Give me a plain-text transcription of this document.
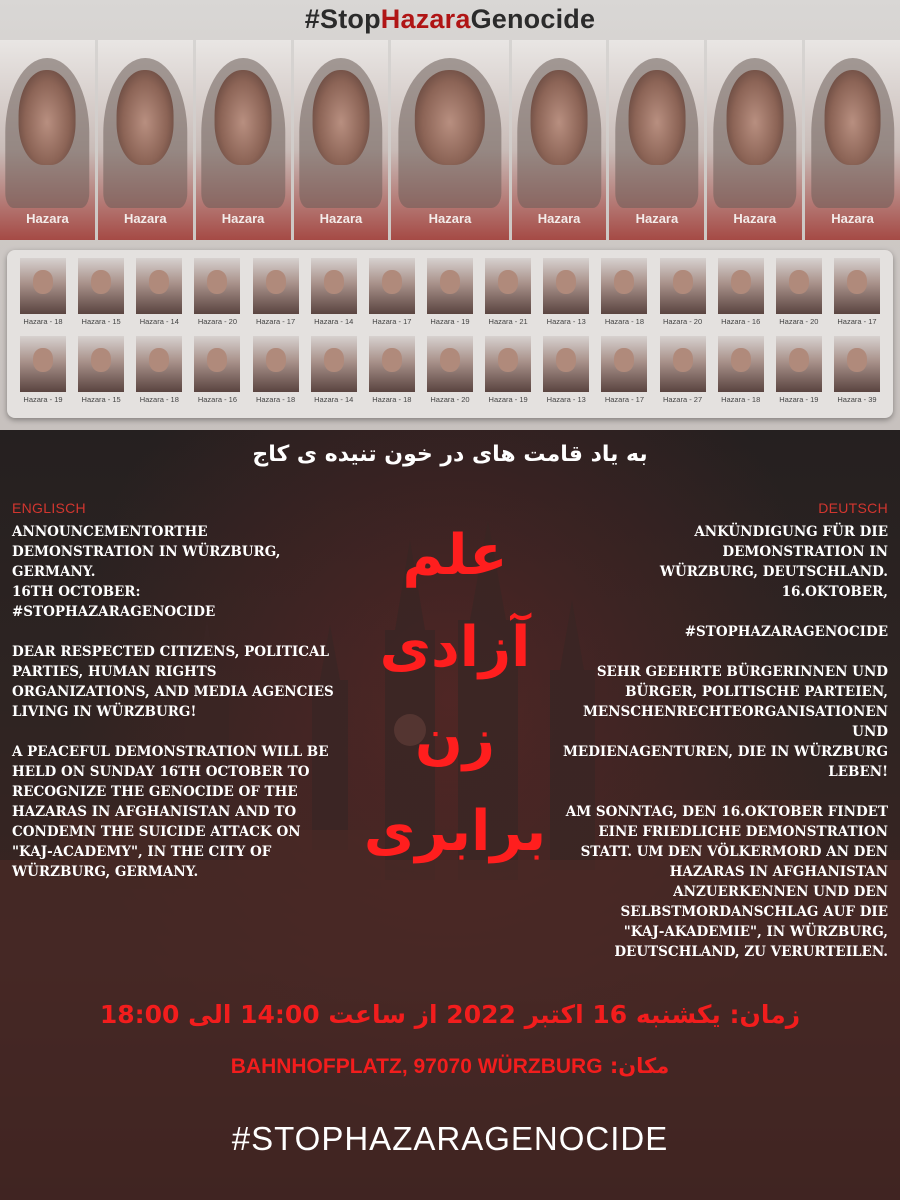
#StopHazaraGenocide
Hazara	Hazara	Hazara	Hazara	Hazara	Hazara	Hazara	Hazara	Hazara
Hazara - 18	Hazara - 15	Hazara - 14	Hazara - 20	Hazara - 17	Hazara - 14	Hazara - 17	Hazara - 19	Hazara - 21	Hazara - 13	Hazara - 18	Hazara - 20	Hazara - 16	Hazara - 20	Hazara - 17
Hazara - 19	Hazara - 15	Hazara - 18	Hazara - 16	Hazara - 18	Hazara - 14	Hazara - 18	Hazara - 20	Hazara - 19	Hazara - 13	Hazara - 17	Hazara - 27	Hazara - 18	Hazara - 19	Hazara - 39
به یاد قامت های در خون تنیده ی کاج
ENGLISCH	DEUTSCH
ANNOUNCEMENTORTHE
DEMONSTRATION IN WÜRZBURG,
GERMANY.
16TH OCTOBER:
#STOPHAZARAGENOCIDE
DEAR RESPECTED CITIZENS, POLITICAL
PARTIES, HUMAN RIGHTS
ORGANIZATIONS, AND MEDIA AGENCIES
LIVING IN WÜRZBURG!
A PEACEFUL DEMONSTRATION WILL BE
HELD ON SUNDAY 16TH OCTOBER TO
RECOGNIZE THE GENOCIDE OF THE
HAZARAS IN AFGHANISTAN AND TO
CONDEMN THE SUICIDE ATTACK ON
"KAJ-ACADEMY", IN THE CITY OF
WÜRZBURG, GERMANY.
ANKÜNDIGUNG FÜR DIE
DEMONSTRATION IN
WÜRZBURG, DEUTSCHLAND.
16.OKTOBER,

#STOPHAZARAGENOCIDE
SEHR GEEHRTE BÜRGERINNEN UND
BÜRGER, POLITISCHE PARTEIEN,
MENSCHENRECHTEORGANISATIONEN UND
MEDIENAGENTUREN, DIE IN WÜRZBURG
LEBEN!
AM SONNTAG, DEN 16.OKTOBER FINDET
EINE FRIEDLICHE DEMONSTRATION
STATT. UM DEN VÖLKERMORD AN DEN
HAZARAS IN AFGHANISTAN
ANZUERKENNEN UND DEN
SELBSTMORDANSCHLAG AUF DIE
"KAJ-AKADEMIE", IN WÜRZBURG,
DEUTSCHLAND, ZU VERURTEILEN.
علم
آزادی
زن
برابری
زمان: یکشنبه 16 اکتبر 2022 از ساعت 14:00 الی 18:00
مکان: BAHNHOFPLATZ, 97070 WÜRZBURG
#STOPHAZARAGENOCIDE
